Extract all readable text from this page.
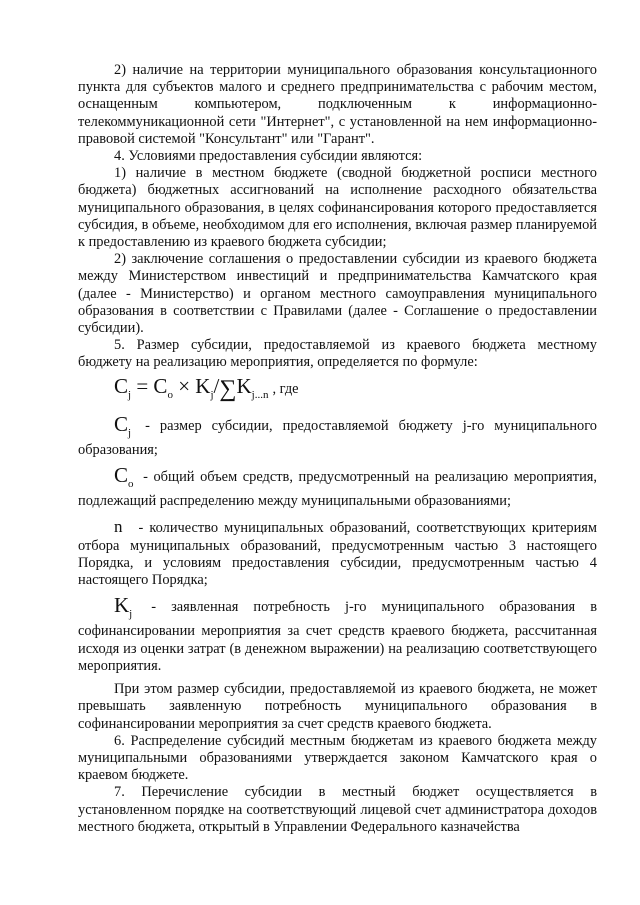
2) наличие на территории муниципального образования консультационного пункта для субъектов малого и среднего предпринимательства с рабочим местом, оснащенным компьютером, подключенным к информационно-телекоммуникационной сети "Интернет", с установленной на нем информационно-правовой системой "Консультант" или "Гарант".

4. Условиями предоставления субсидии являются:

1) наличие в местном бюджете (сводной бюджетной росписи местного бюджета) бюджетных ассигнований на исполнение расходного обязательства муниципального образования, в целях софинансирования которого предоставляется субсидия, в объеме, необходимом для его исполнения, включая размер планируемой к предоставлению из краевого бюджета субсидии;

2) заключение соглашения о предоставлении субсидии из краевого бюджета между Министерством инвестиций и предпринимательства Камчатского края (далее - Министерство) и органом местного самоуправления муниципального образования в соответствии с Правилами (далее - Соглашение о предоставлении субсидии).

5. Размер субсидии, предоставляемой из краевого бюджета местному бюджету на реализацию мероприятия, определяется по формуле:

$C_j = C_o \times K_j/\sum K_{j...n}$ , где

$C_j$ - размер субсидии, предоставляемой бюджету j-го муниципального образования;

$C_o$ - общий объем средств, предусмотренный на реализацию мероприятия, подлежащий распределению между муниципальными образованиями;

n - количество муниципальных образований, соответствующих критериям отбора муниципальных образований, предусмотренным частью 3 настоящего Порядка, и условиям предоставления субсидии, предусмотренным частью 4 настоящего Порядка;

$K_j$ - заявленная потребность j-го муниципального образования в софинансировании мероприятия за счет средств краевого бюджета, рассчитанная исходя из оценки затрат (в денежном выражении) на реализацию соответствующего мероприятия.

При этом размер субсидии, предоставляемой из краевого бюджета, не может превышать заявленную потребность муниципального образования в софинансировании мероприятия за счет средств краевого бюджета.

6. Распределение субсидий местным бюджетам из краевого бюджета между муниципальными образованиями утверждается законом Камчатского края о краевом бюджете.

7. Перечисление субсидии в местный бюджет осуществляется в установленном порядке на соответствующий лицевой счет администратора доходов местного бюджета, открытый в Управлении Федерального казначейства
